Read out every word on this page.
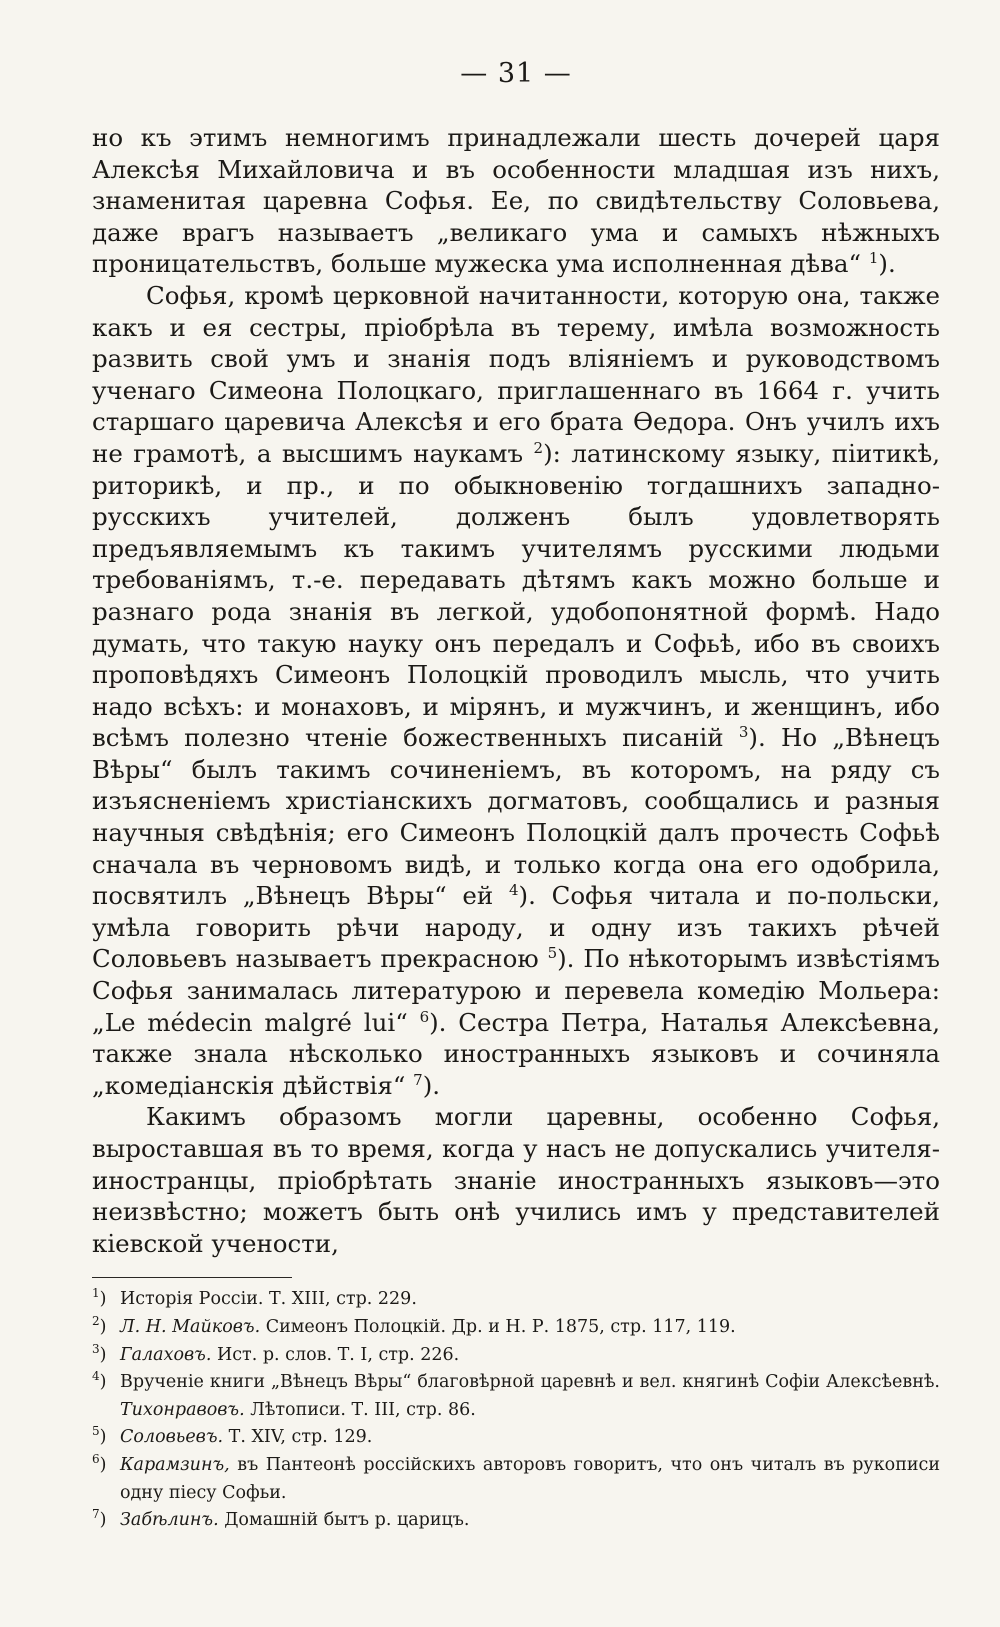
— 31 —

но къ этимъ немногимъ принадлежали шесть дочерей царя Алексѣя Михайловича и въ особенности младшая изъ нихъ, знаменитая царевна Софья. Ее, по свидѣтельству Соловьева, даже врагъ называетъ „великаго ума и самыхъ нѣжныхъ проницательствъ, больше мужеска ума исполненная дѣва“ $^1$).

Софья, кромѣ церковной начитанности, которую она, также какъ и ея сестры, пріобрѣла въ терему, имѣла возможность развить свой умъ и знанія подъ вліяніемъ и руководствомъ ученаго Симеона Полоцкаго, приглашеннаго въ 1664 г. учить старшаго царевича Алексѣя и его брата Ѳедора. Онъ училъ ихъ не грамотѣ, а высшимъ наукамъ $^2$): латинскому языку, піитикѣ, риторикѣ, и пр., и по обыкновенію тогдашнихъ западно-русскихъ учителей, долженъ былъ удовлетворять предъявляемымъ къ такимъ учителямъ русскими людьми требованіямъ, т.-е. передавать дѣтямъ какъ можно больше и разнаго рода знанія въ легкой, удобопонятной формѣ. Надо думать, что такую науку онъ передалъ и Софьѣ, ибо въ своихъ проповѣдяхъ Симеонъ Полоцкій проводилъ мысль, что учить надо всѣхъ: и монаховъ, и мірянъ, и мужчинъ, и женщинъ, ибо всѣмъ полезно чтеніе божественныхъ писаній $^3$). Но „Вѣнецъ Вѣры“ былъ такимъ сочиненіемъ, въ которомъ, на ряду съ изъясненіемъ христіанскихъ догматовъ, сообщались и разныя научныя свѣдѣнія; его Симеонъ Полоцкій далъ прочесть Софьѣ сначала въ черновомъ видѣ, и только когда она его одобрила, посвятилъ „Вѣнецъ Вѣры“ ей $^4$). Софья читала и по-польски, умѣла говорить рѣчи народу, и одну изъ такихъ рѣчей Соловьевъ называетъ прекрасною $^5$). По нѣкоторымъ извѣстіямъ Софья занималась литературою и перевела комедію Мольера: „Le médecin malgré lui“ $^6$). Сестра Петра, Наталья Алексѣевна, также знала нѣсколько иностранныхъ языковъ и сочиняла „комедіанскія дѣйствія“ $^7$).

Какимъ образомъ могли царевны, особенно Софья, выроставшая въ то время, когда у насъ не допускались учителя-иностранцы, пріобрѣтать знаніе иностранныхъ языковъ—это неизвѣстно; можетъ быть онѣ учились имъ у представителей кіевской учености,

$^1$) Исторія Россіи. Т. XIII, стр. 229.
$^2$) Л. Н. Майковъ. Симеонъ Полоцкій. Др. и Н. Р. 1875, стр. 117, 119.
$^3$) Галаховъ. Ист. р. слов. Т. I, стр. 226.
$^4$) Врученіе книги „Вѣнецъ Вѣры“ благовѣрной царевнѣ и вел. княгинѣ Софіи Алексѣевнѣ. Тихонравовъ. Лѣтописи. Т. III, стр. 86.
$^5$) Соловьевъ. Т. XIV, стр. 129.
$^6$) Карамзинъ, въ Пантеонѣ россійскихъ авторовъ говоритъ, что онъ читалъ въ рукописи одну піесу Софьи.
$^7$) Забѣлинъ. Домашній бытъ р. царицъ.
